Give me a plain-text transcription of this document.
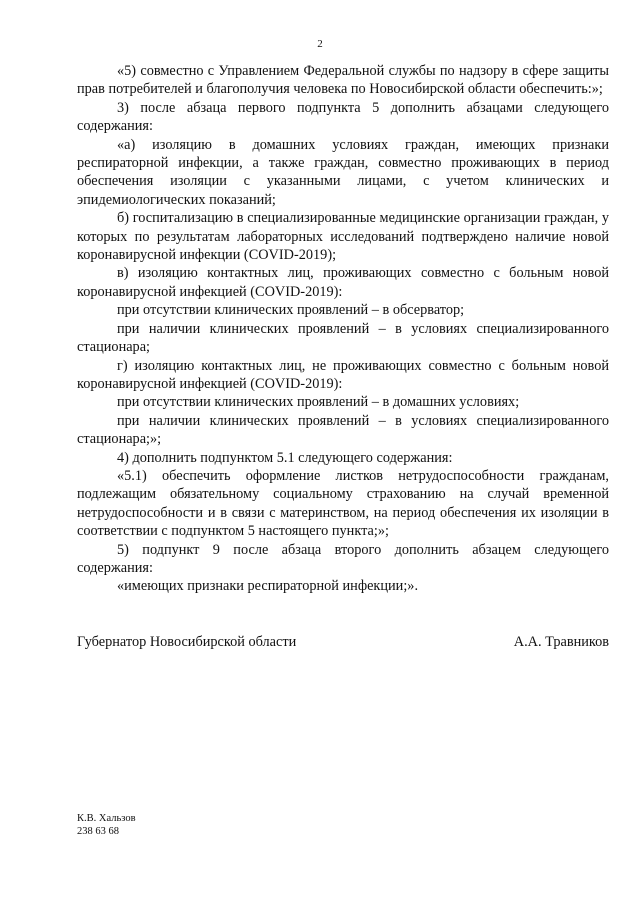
2

«5) совместно с Управлением Федеральной службы по надзору в сфере защиты прав потребителей и благополучия человека по Новосибирской области обеспечить:»;

3) после абзаца первого подпункта 5 дополнить абзацами следующего содержания:

«а) изоляцию в домашних условиях граждан, имеющих признаки респираторной инфекции, а также граждан, совместно проживающих в период обеспечения изоляции с указанными лицами, с учетом клинических и эпидемиологических показаний;

б) госпитализацию в специализированные медицинские организации граждан, у которых по результатам лабораторных исследований подтверждено наличие новой коронавирусной инфекции (COVID-2019);

в) изоляцию контактных лиц, проживающих совместно с больным новой коронавирусной инфекцией (COVID-2019):

при отсутствии клинических проявлений – в обсерватор;

при наличии клинических проявлений – в условиях специализированного стационара;

г) изоляцию контактных лиц, не проживающих совместно с больным новой коронавирусной инфекцией (COVID-2019):

при отсутствии клинических проявлений – в домашних условиях;

при наличии клинических проявлений – в условиях специализированного стационара;»;

4) дополнить подпунктом 5.1 следующего содержания:

«5.1) обеспечить оформление листков нетрудоспособности гражданам, подлежащим обязательному социальному страхованию на случай временной нетрудоспособности и в связи с материнством, на период обеспечения их изоляции в соответствии с подпунктом 5 настоящего пункта;»;

5) подпункт 9 после абзаца второго дополнить абзацем следующего содержания:

«имеющих признаки респираторной инфекции;».

Губернатор Новосибирской области	А.А. Травников
К.В. Хальзов
238 63 68
